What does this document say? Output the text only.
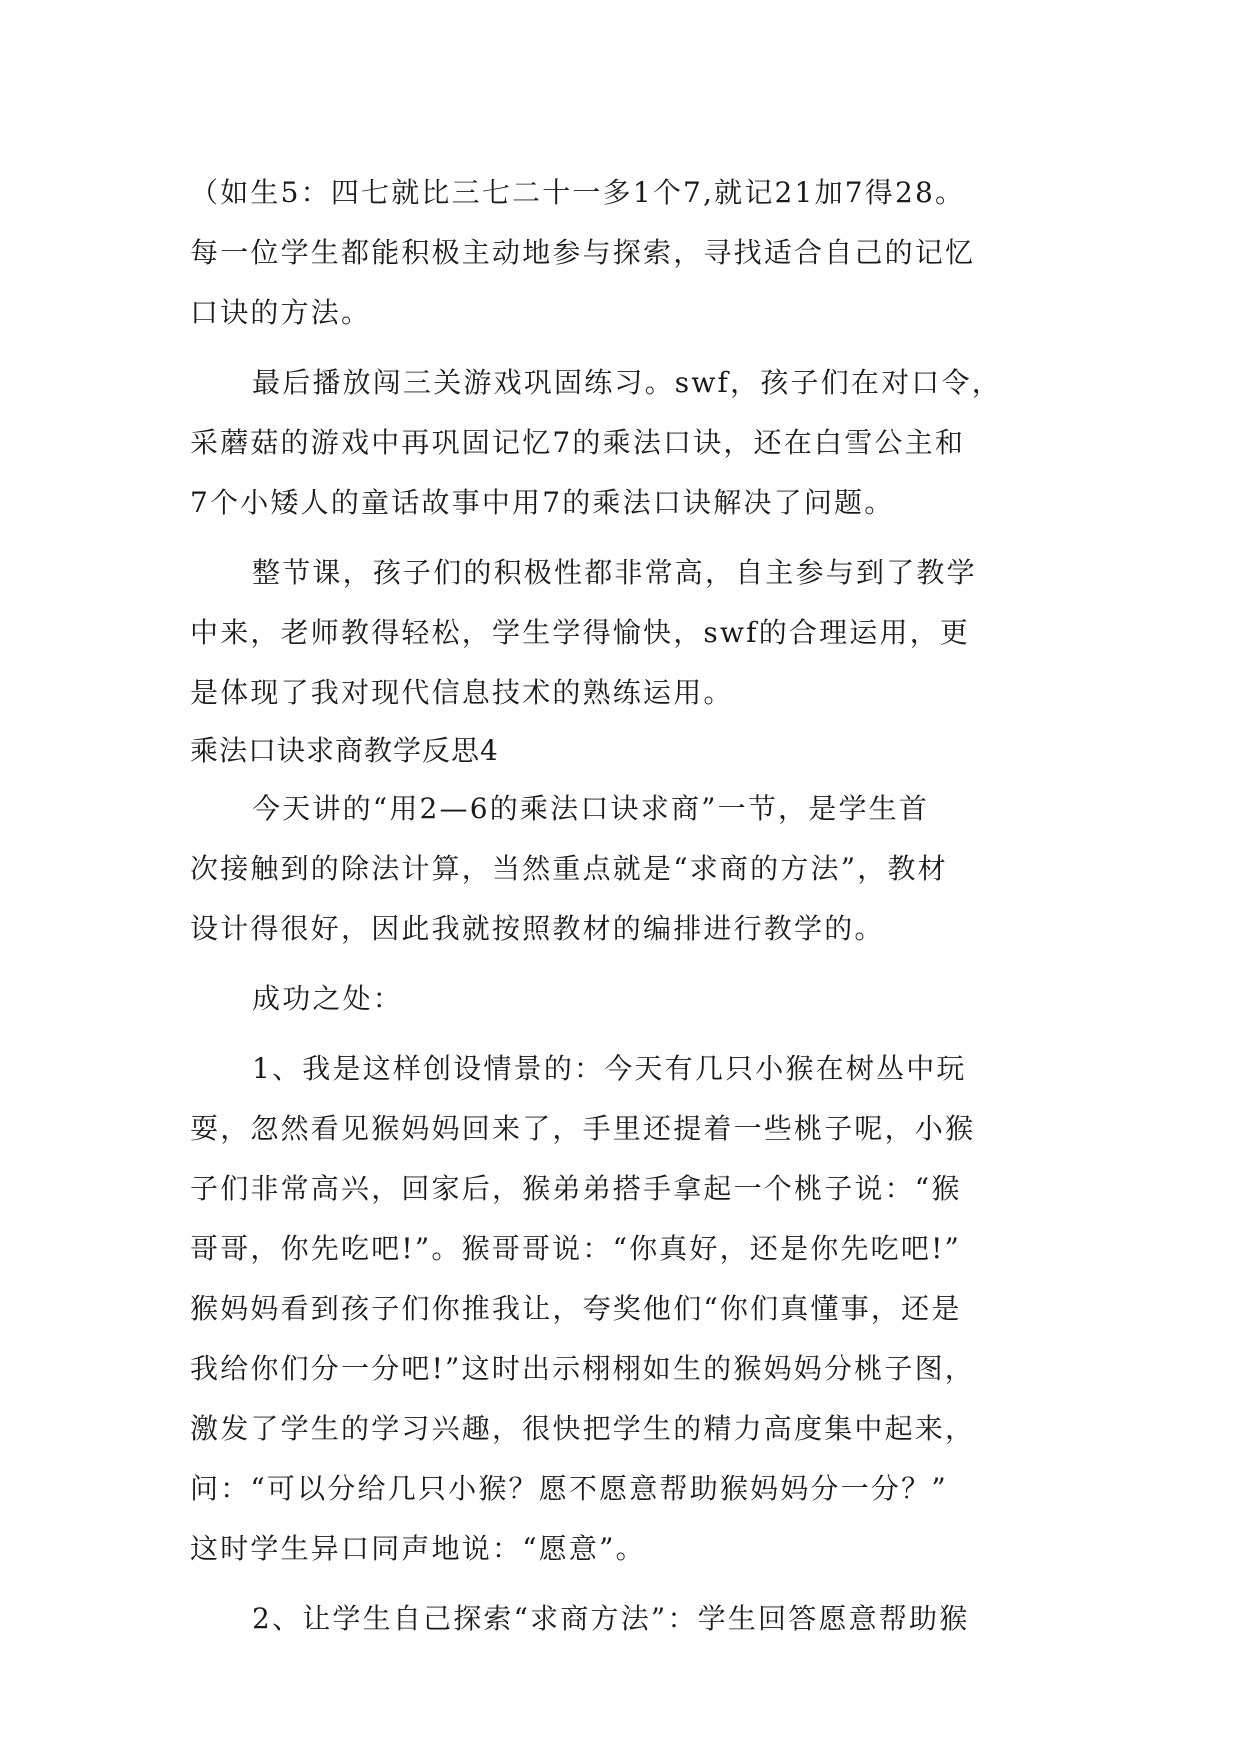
（如生5：四七就比三七二十一多1个7,就记21加7得28。
每一位学生都能积极主动地参与探索，寻找适合自己的记忆
口诀的方法。
最后播放闯三关游戏巩固练习。swf，孩子们在对口令，
采蘑菇的游戏中再巩固记忆7的乘法口诀，还在白雪公主和
7个小矮人的童话故事中用7的乘法口诀解决了问题。
整节课，孩子们的积极性都非常高，自主参与到了教学
中来，老师教得轻松，学生学得愉快，swf的合理运用，更
是体现了我对现代信息技术的熟练运用。
乘法口诀求商教学反思4
今天讲的“用2—6的乘法口诀求商”一节，是学生首
次接触到的除法计算，当然重点就是“求商的方法”，教材
设计得很好，因此我就按照教材的编排进行教学的。
成功之处：
1、我是这样创设情景的：今天有几只小猴在树丛中玩
耍，忽然看见猴妈妈回来了，手里还提着一些桃子呢，小猴
子们非常高兴，回家后，猴弟弟搭手拿起一个桃子说：“猴
哥哥，你先吃吧!”。猴哥哥说：“你真好，还是你先吃吧!”
猴妈妈看到孩子们你推我让，夸奖他们“你们真懂事，还是
我给你们分一分吧!”这时出示栩栩如生的猴妈妈分桃子图，
激发了学生的学习兴趣，很快把学生的精力高度集中起来，
问：“可以分给几只小猴？愿不愿意帮助猴妈妈分一分？”
这时学生异口同声地说：“愿意”。
2、让学生自己探索“求商方法”：学生回答愿意帮助猴
